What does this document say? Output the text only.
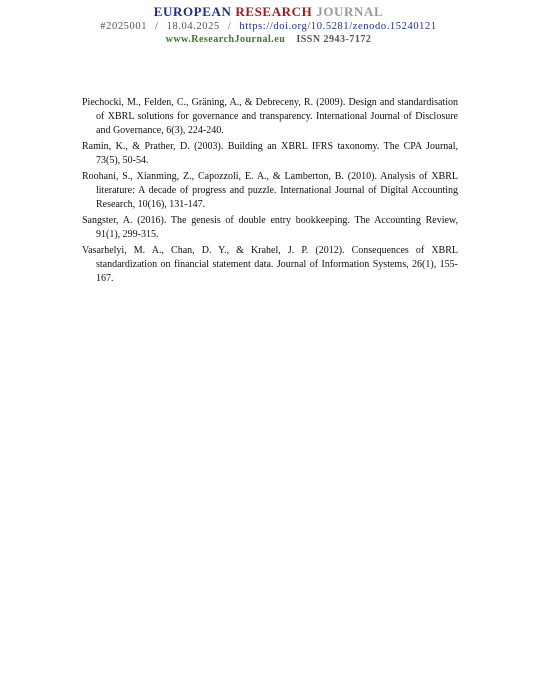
EUROPEAN RESEARCH JOURNAL
#2025001 / 18.04.2025 / https://doi.org/10.5281/zenodo.15240121
www.ResearchJournal.eu ISSN 2943-7172

Piechocki, M., Felden, C., Gräning, A., & Debreceny, R. (2009). Design and standardisation of XBRL solutions for governance and transparency. International Journal of Disclosure and Governance, 6(3), 224-240.

Ramin, K., & Prather, D. (2003). Building an XBRL IFRS taxonomy. The CPA Journal, 73(5), 50-54.

Roohani, S., Xianming, Z., Capozzoli, E. A., & Lamberton, B. (2010). Analysis of XBRL literature: A decade of progress and puzzle. International Journal of Digital Accounting Research, 10(16), 131-147.

Sangster, A. (2016). The genesis of double entry bookkeeping. The Accounting Review, 91(1), 299-315.

Vasarhelyi, M. A., Chan, D. Y., & Krahel, J. P. (2012). Consequences of XBRL standardization on financial statement data. Journal of Information Systems, 26(1), 155-167.
